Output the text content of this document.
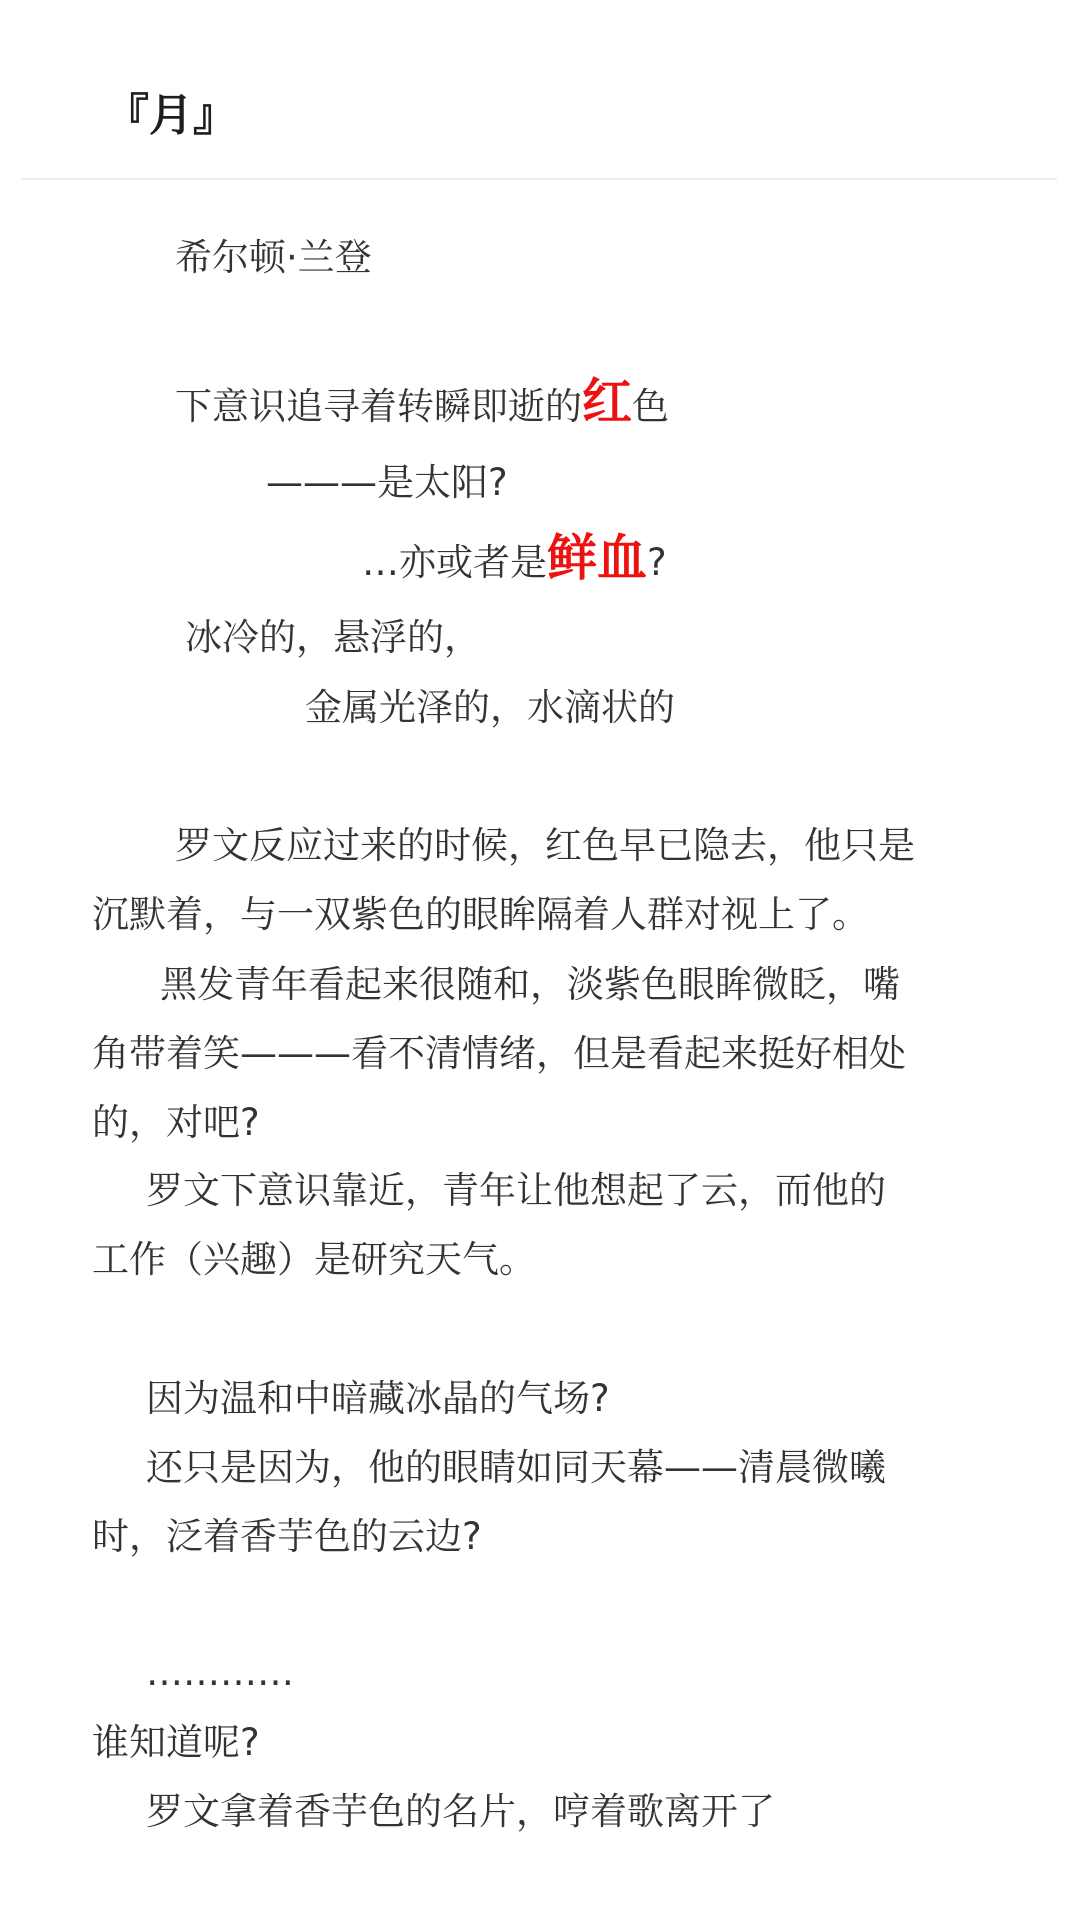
『月』
希尔顿·兰登
下意识追寻着转瞬即逝的红色
———是太阳?
…亦或者是鲜血?
冰冷的，悬浮的，
金属光泽的，水滴状的
罗文反应过来的时候，红色早已隐去，他只是
沉默着，与一双紫色的眼眸隔着人群对视上了。
黑发青年看起来很随和，淡紫色眼眸微眨，嘴
角带着笑———看不清情绪，但是看起来挺好相处
的，对吧?
罗文下意识靠近，青年让他想起了云，而他的
工作（兴趣）是研究天气。
因为温和中暗藏冰晶的气场?
还只是因为，他的眼睛如同天幕——清晨微曦
时，泛着香芋色的云边?
…………
谁知道呢?
罗文拿着香芋色的名片，哼着歌离开了
